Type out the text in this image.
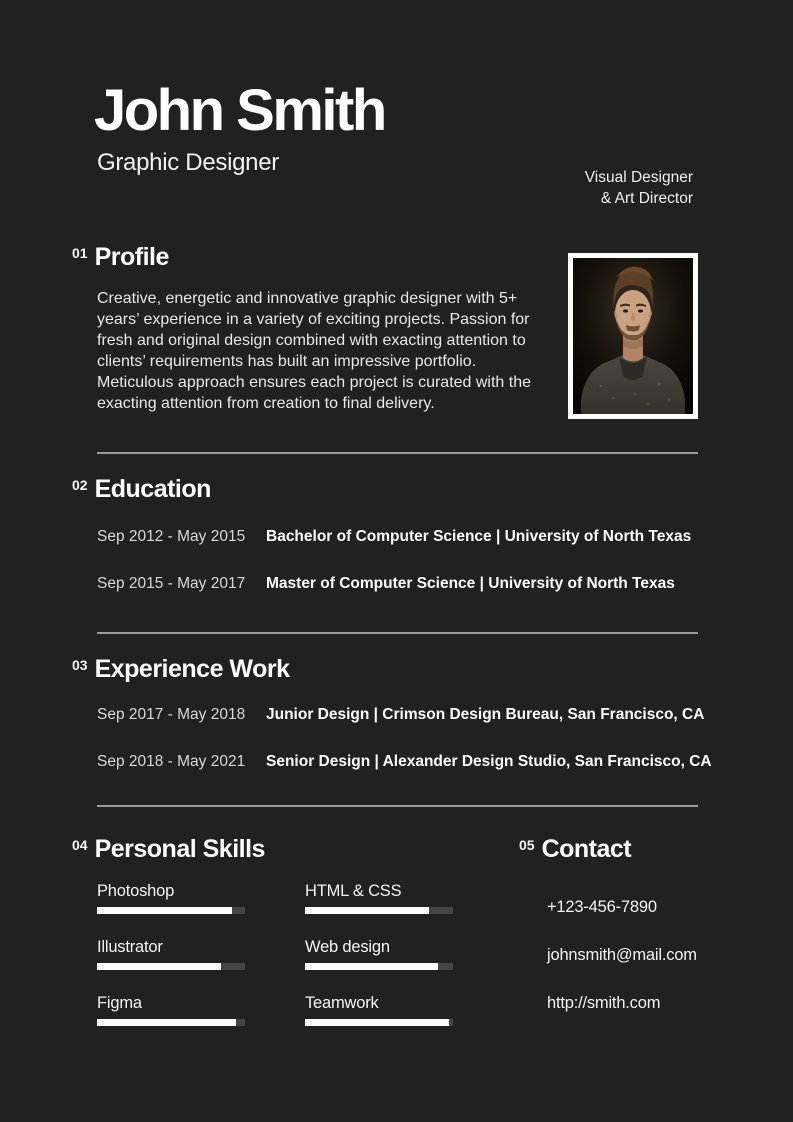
John Smith
Graphic Designer
Visual Designer
& Art Director
01 Profile

Creative, energetic and innovative graphic designer with 5+ years’ experience in a variety of exciting projects. Passion for fresh and original design combined with exacting attention to clients’ requirements has built an impressive portfolio. Meticulous approach ensures each project is curated with the exacting attention from creation to final delivery.

02 Education
Sep 2012 - May 2015	Bachelor of Computer Science | University of North Texas
Sep 2015 - May 2017	Master of Computer Science | University of North Texas
03 Experience Work
Sep 2017 - May 2018	Junior Design | Crimson Design Bureau, San Francisco, CA
Sep 2018 - May 2021	Senior Design | Alexander Design Studio, San Francisco, CA
04 Personal Skills
Photoshop
Illustrator
Figma
HTML & CSS
Web design
Teamwork
05 Contact
+123-456-7890
johnsmith@mail.com
http://smith.com
